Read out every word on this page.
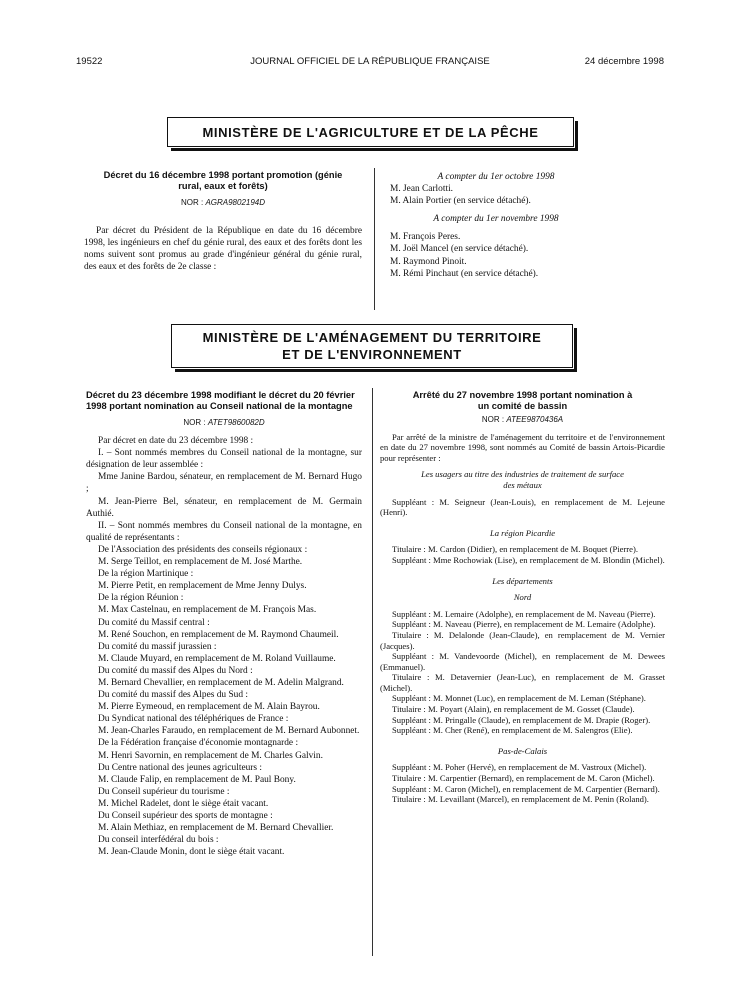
19522	JOURNAL OFFICIEL DE LA RÉPUBLIQUE FRANÇAISE	24 décembre 1998
MINISTÈRE DE L'AGRICULTURE ET DE LA PÊCHE
Décret du 16 décembre 1998 portant promotion (génie rural, eaux et forêts)
NOR : AGRA9802194D

Par décret du Président de la République en date du 16 décembre 1998, les ingénieurs en chef du génie rural, des eaux et des forêts dont les noms suivent sont promus au grade d'ingénieur général du génie rural, des eaux et des forêts de 2e classe :

A compter du 1er octobre 1998

M. Jean Carlotti.

M. Alain Portier (en service détaché).

A compter du 1er novembre 1998

M. François Peres.

M. Joël Mancel (en service détaché).

M. Raymond Pinoit.

M. Rémi Pinchaut (en service détaché).

MINISTÈRE DE L'AMÉNAGEMENT DU TERRITOIRE
ET DE L'ENVIRONNEMENT
Décret du 23 décembre 1998 modifiant le décret du 20 février 1998 portant nomination au Conseil national de la montagne
NOR : ATET9860082D

Par décret en date du 23 décembre 1998 :

I. – Sont nommés membres du Conseil national de la montagne, sur désignation de leur assemblée :

Mme Janine Bardou, sénateur, en remplacement de M. Bernard Hugo ;

M. Jean-Pierre Bel, sénateur, en remplacement de M. Germain Authié.

II. – Sont nommés membres du Conseil national de la montagne, en qualité de représentants :

De l'Association des présidents des conseils régionaux :

M. Serge Teillot, en remplacement de M. José Marthe.

De la région Martinique :

M. Pierre Petit, en remplacement de Mme Jenny Dulys.

De la région Réunion :

M. Max Castelnau, en remplacement de M. François Mas.

Du comité du Massif central :

M. René Souchon, en remplacement de M. Raymond Chaumeil.

Du comité du massif jurassien :

M. Claude Muyard, en remplacement de M. Roland Vuillaume.

Du comité du massif des Alpes du Nord :

M. Bernard Chevallier, en remplacement de M. Adelin Malgrand.

Du comité du massif des Alpes du Sud :

M. Pierre Eymeoud, en remplacement de M. Alain Bayrou.

Du Syndicat national des téléphériques de France :

M. Jean-Charles Faraudo, en remplacement de M. Bernard Aubonnet.

De la Fédération française d'économie montagnarde :

M. Henri Savornin, en remplacement de M. Charles Galvin.

Du Centre national des jeunes agriculteurs :

M. Claude Falip, en remplacement de M. Paul Bony.

Du Conseil supérieur du tourisme :

M. Michel Radelet, dont le siège était vacant.

Du Conseil supérieur des sports de montagne :

M. Alain Methiaz, en remplacement de M. Bernard Chevallier.

Du conseil interfédéral du bois :

M. Jean-Claude Monin, dont le siège était vacant.

Arrêté du 27 novembre 1998 portant nomination à un comité de bassin
NOR : ATEE9870436A

Par arrêté de la ministre de l'aménagement du territoire et de l'environnement en date du 27 novembre 1998, sont nommés au Comité de bassin Artois-Picardie pour représenter :

Les usagers au titre des industries de traitement de surface des métaux

Suppléant : M. Seigneur (Jean-Louis), en remplacement de M. Lejeune (Henri).

La région Picardie

Titulaire : M. Cardon (Didier), en remplacement de M. Boquet (Pierre).

Suppléant : Mme Rochowiak (Lise), en remplacement de M. Blondin (Michel).

Les départements

Nord

Suppléant : M. Lemaire (Adolphe), en remplacement de M. Naveau (Pierre).

Suppléant : M. Naveau (Pierre), en remplacement de M. Lemaire (Adolphe).

Titulaire : M. Delalonde (Jean-Claude), en remplacement de M. Vernier (Jacques).

Suppléant : M. Vandevoorde (Michel), en remplacement de M. Dewees (Emmanuel).

Titulaire : M. Detavernier (Jean-Luc), en remplacement de M. Grasset (Michel).

Suppléant : M. Monnet (Luc), en remplacement de M. Leman (Stéphane).

Titulaire : M. Poyart (Alain), en remplacement de M. Gosset (Claude).

Suppléant : M. Pringalle (Claude), en remplacement de M. Drapie (Roger).

Suppléant : M. Cher (René), en remplacement de M. Salengros (Elie).

Pas-de-Calais

Suppléant : M. Poher (Hervé), en remplacement de M. Vastroux (Michel).

Titulaire : M. Carpentier (Bernard), en remplacement de M. Caron (Michel).

Suppléant : M. Caron (Michel), en remplacement de M. Carpentier (Bernard).

Titulaire : M. Levaillant (Marcel), en remplacement de M. Penin (Roland).
